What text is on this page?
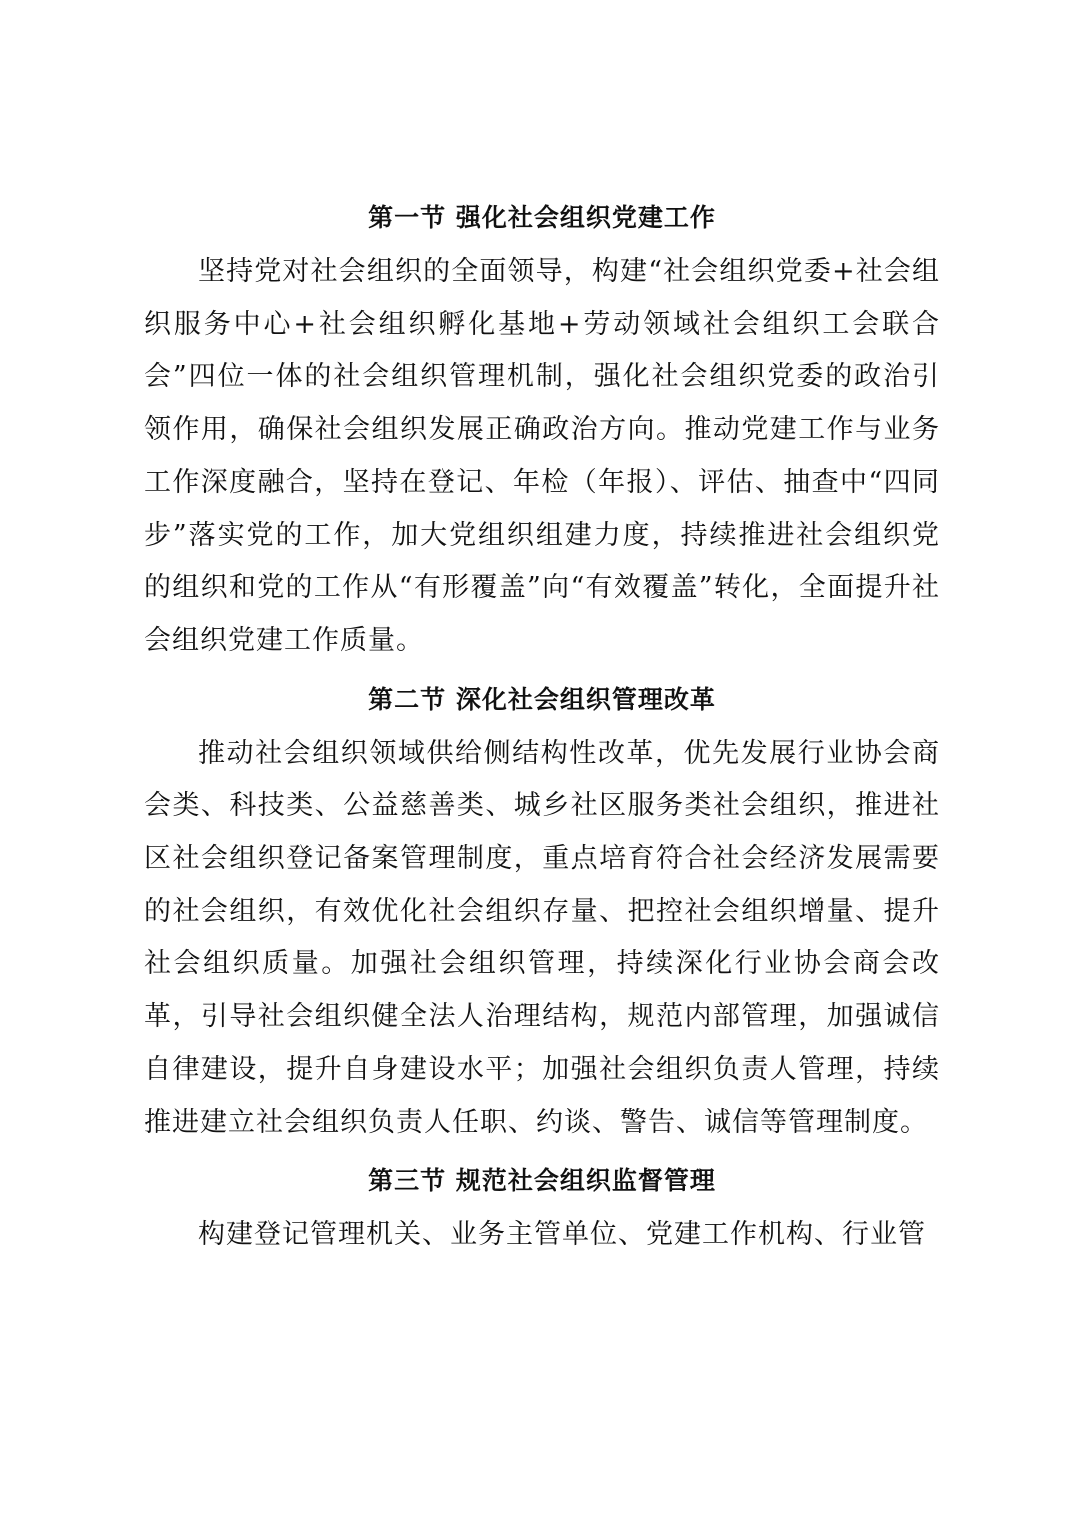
第一节 强化社会组织党建工作

坚持党对社会组织的全面领导，构建“社会组织党委+社会组织服务中心+社会组织孵化基地+劳动领域社会组织工会联合会”四位一体的社会组织管理机制，强化社会组织党委的政治引领作用，确保社会组织发展正确政治方向。推动党建工作与业务工作深度融合，坚持在登记、年检（年报）、评估、抽查中“四同步”落实党的工作，加大党组织组建力度，持续推进社会组织党的组织和党的工作从“有形覆盖”向“有效覆盖”转化，全面提升社会组织党建工作质量。

第二节 深化社会组织管理改革

推动社会组织领域供给侧结构性改革，优先发展行业协会商会类、科技类、公益慈善类、城乡社区服务类社会组织，推进社区社会组织登记备案管理制度，重点培育符合社会经济发展需要的社会组织，有效优化社会组织存量、把控社会组织增量、提升社会组织质量。加强社会组织管理，持续深化行业协会商会改革，引导社会组织健全法人治理结构，规范内部管理，加强诚信自律建设，提升自身建设水平；加强社会组织负责人管理，持续推进建立社会组织负责人任职、约谈、警告、诚信等管理制度。

第三节 规范社会组织监督管理

构建登记管理机关、业务主管单位、党建工作机构、行业管
